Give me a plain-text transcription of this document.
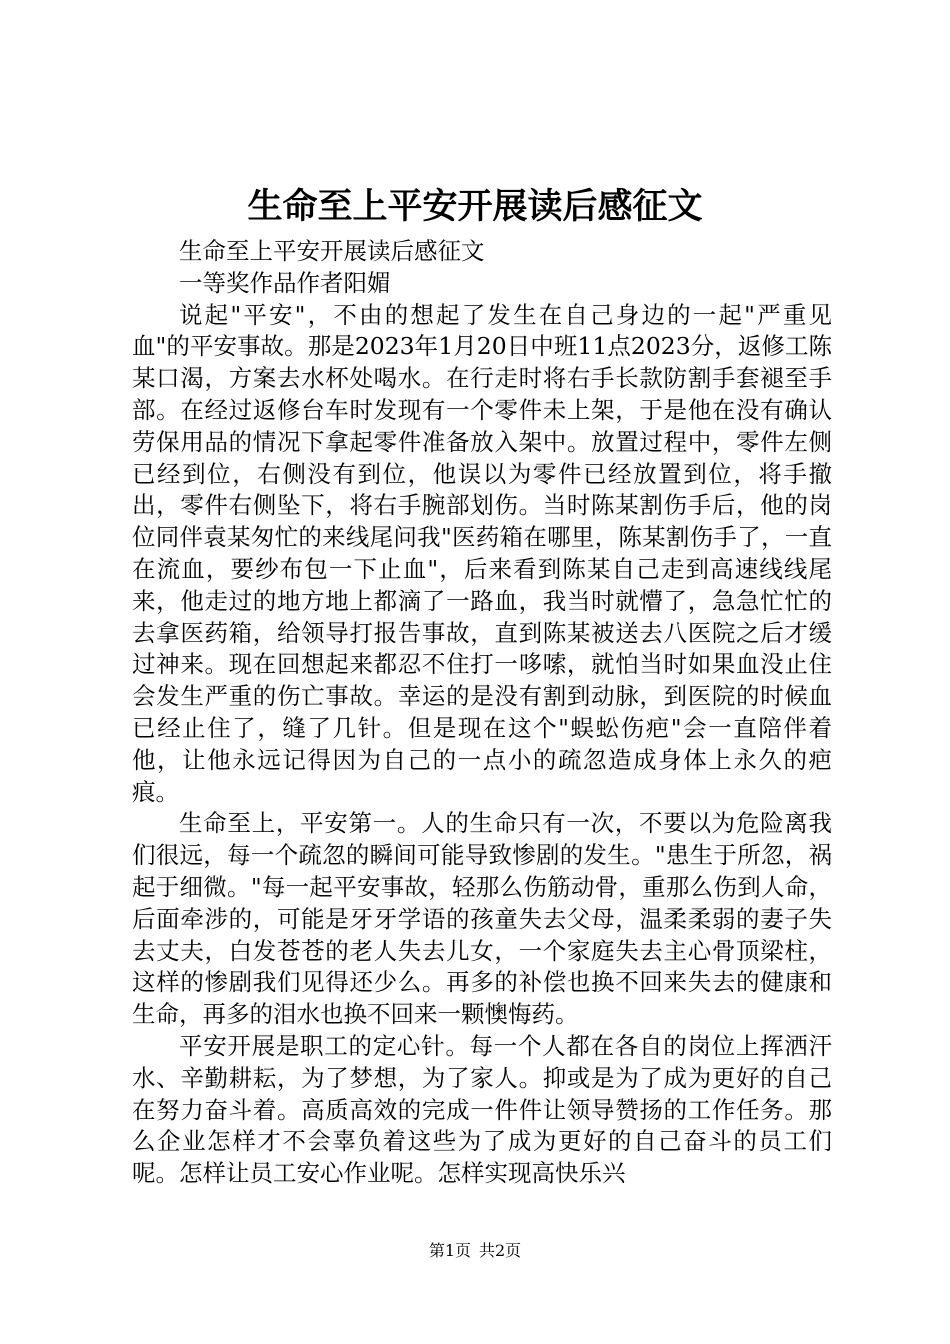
生命至上平安开展读后感征文

生命至上平安开展读后感征文

一等奖作品作者阳媚

说起"平安"，不由的想起了发生在自己身边的一起"严重见血"的平安事故。那是2023年1月20日中班11点2023分，返修工陈某口渴，方案去水杯处喝水。在行走时将右手长款防割手套褪至手部。在经过返修台车时发现有一个零件未上架，于是他在没有确认劳保用品的情况下拿起零件准备放入架中。放置过程中，零件左侧已经到位，右侧没有到位，他误以为零件已经放置到位，将手撤出，零件右侧坠下，将右手腕部划伤。当时陈某割伤手后，他的岗位同伴袁某匆忙的来线尾问我"医药箱在哪里，陈某割伤手了，一直在流血，要纱布包一下止血"，后来看到陈某自己走到高速线线尾来，他走过的地方地上都滴了一路血，我当时就懵了，急急忙忙的去拿医药箱，给领导打报告事故，直到陈某被送去八医院之后才缓过神来。现在回想起来都忍不住打一哆嗦，就怕当时如果血没止住会发生严重的伤亡事故。幸运的是没有割到动脉，到医院的时候血已经止住了，缝了几针。但是现在这个"蜈蚣伤疤"会一直陪伴着他，让他永远记得因为自己的一点小的疏忽造成身体上永久的疤痕。

生命至上，平安第一。人的生命只有一次，不要以为危险离我们很远，每一个疏忽的瞬间可能导致惨剧的发生。"患生于所忽，祸起于细微。"每一起平安事故，轻那么伤筋动骨，重那么伤到人命，后面牵涉的，可能是牙牙学语的孩童失去父母，温柔柔弱的妻子失去丈夫，白发苍苍的老人失去儿女，一个家庭失去主心骨顶梁柱，这样的惨剧我们见得还少么。再多的补偿也换不回来失去的健康和生命，再多的泪水也换不回来一颗懊悔药。

平安开展是职工的定心针。每一个人都在各自的岗位上挥洒汗水、辛勤耕耘，为了梦想，为了家人。抑或是为了成为更好的自己在努力奋斗着。高质高效的完成一件件让领导赞扬的工作任务。那么企业怎样才不会辜负着这些为了成为更好的自己奋斗的员工们呢。怎样让员工安心作业呢。怎样实现高快乐兴

第1页 共2页
